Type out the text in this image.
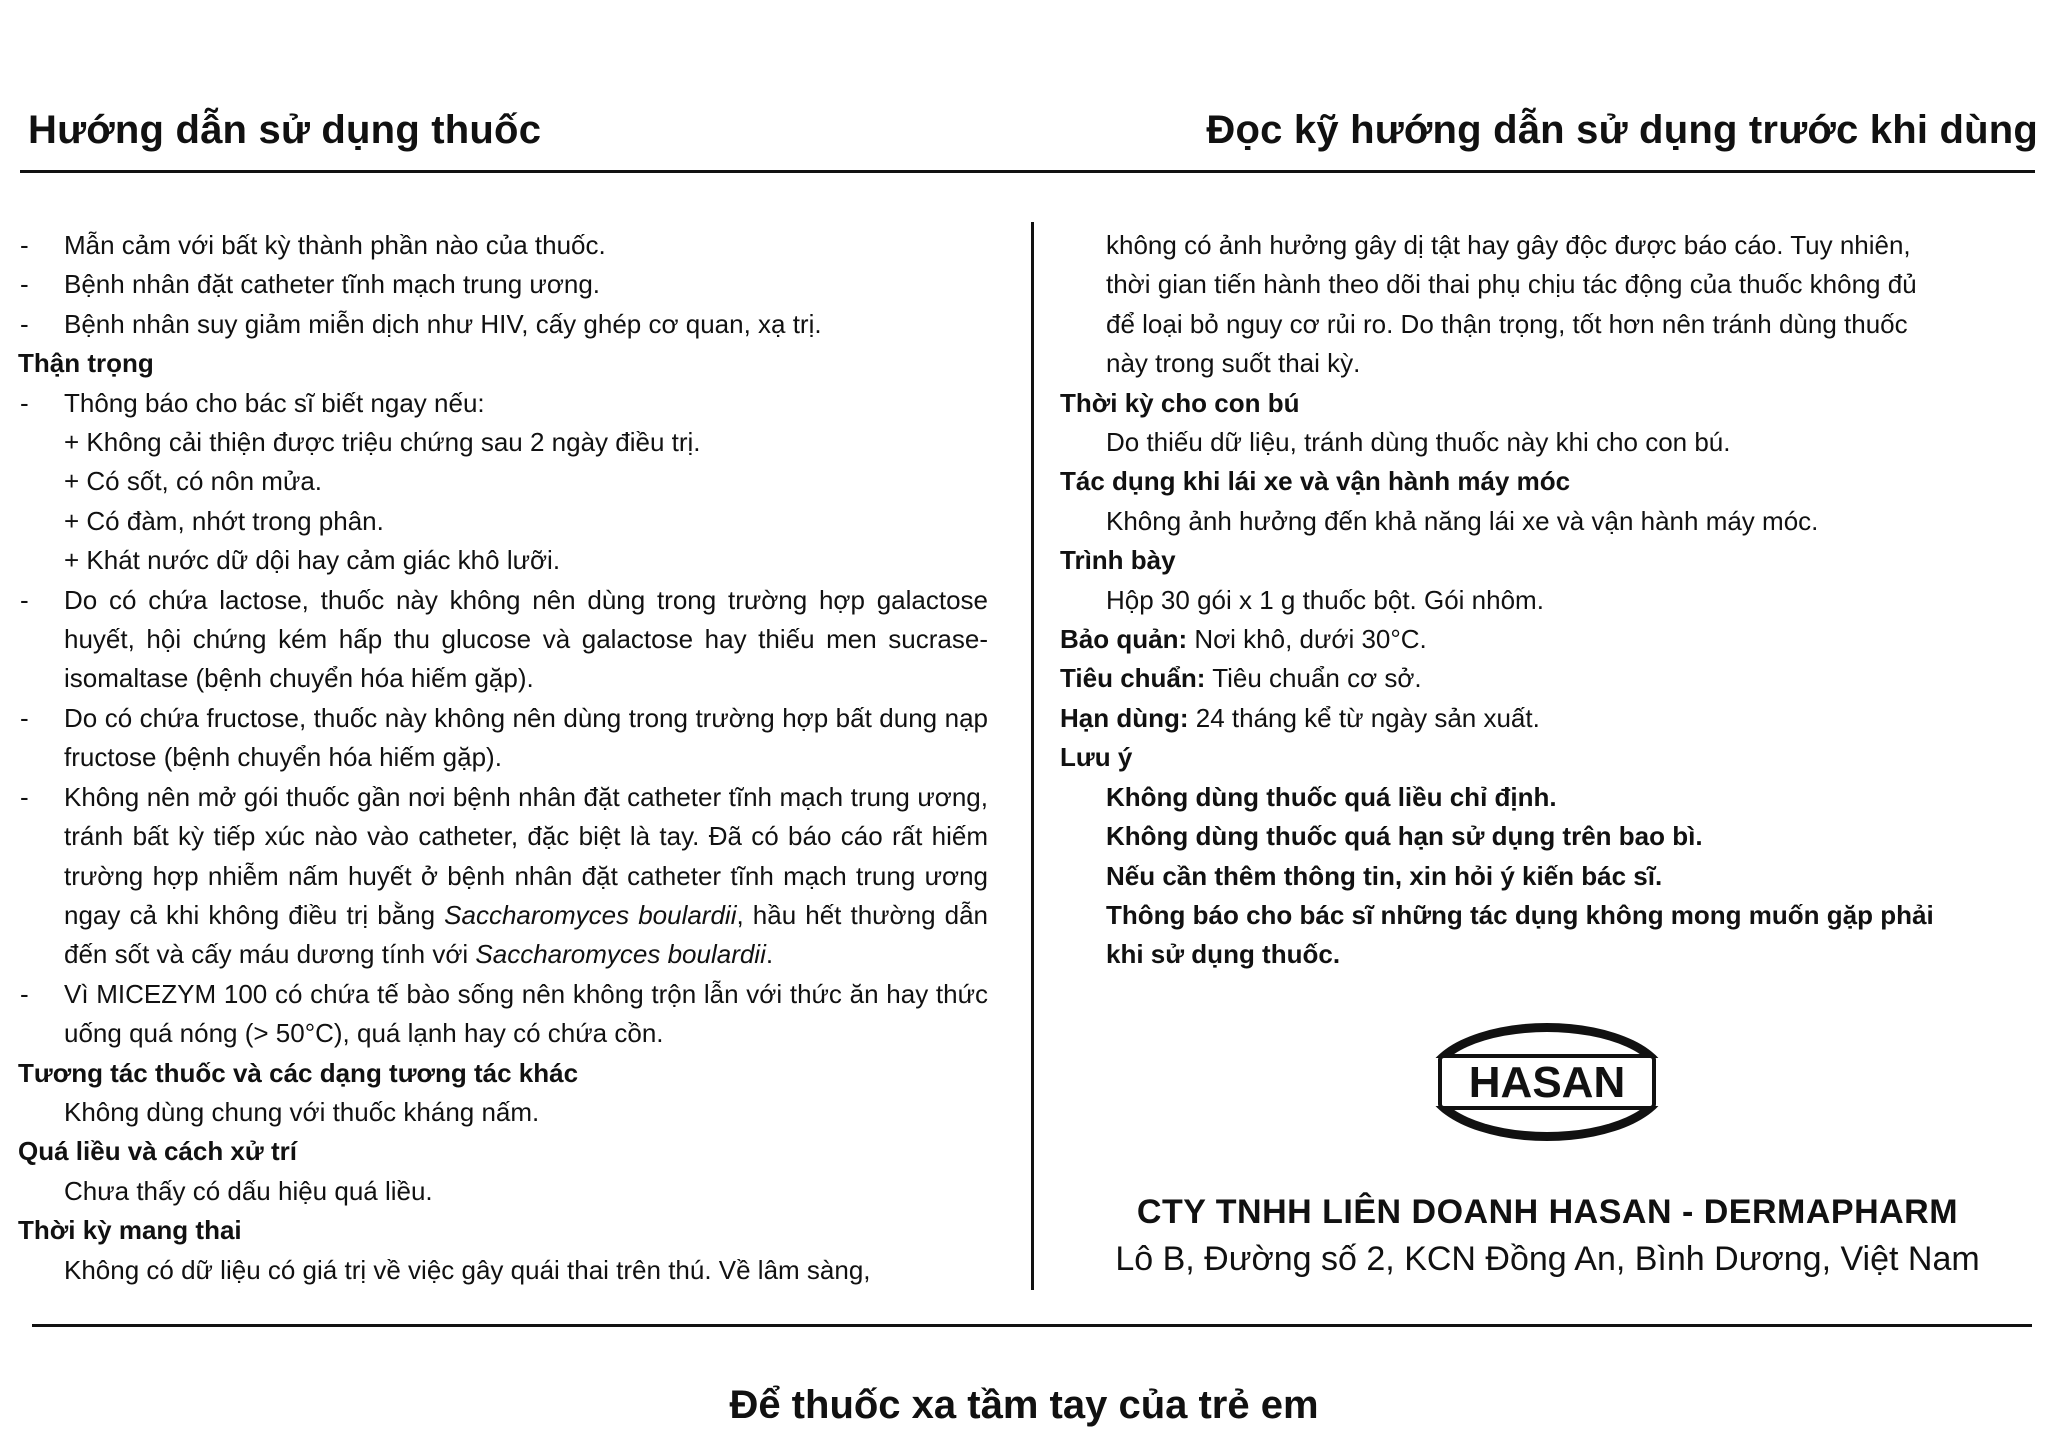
Hướng dẫn sử dụng thuốc	Đọc kỹ hướng dẫn sử dụng trước khi dùng
- Mẫn cảm với bất kỳ thành phần nào của thuốc.
- Bệnh nhân đặt catheter tĩnh mạch trung ương.
- Bệnh nhân suy giảm miễn dịch như HIV, cấy ghép cơ quan, xạ trị.
Thận trọng
- Thông báo cho bác sĩ biết ngay nếu:
+ Không cải thiện được triệu chứng sau 2 ngày điều trị.
+ Có sốt, có nôn mửa.
+ Có đàm, nhớt trong phân.
+ Khát nước dữ dội hay cảm giác khô lưỡi.
- Do có chứa lactose, thuốc này không nên dùng trong trường hợp galactose huyết, hội chứng kém hấp thu glucose và galactose hay thiếu men sucrase-isomaltase (bệnh chuyển hóa hiếm gặp).
- Do có chứa fructose, thuốc này không nên dùng trong trường hợp bất dung nạp fructose (bệnh chuyển hóa hiếm gặp).
- Không nên mở gói thuốc gần nơi bệnh nhân đặt catheter tĩnh mạch trung ương, tránh bất kỳ tiếp xúc nào vào catheter, đặc biệt là tay. Đã có báo cáo rất hiếm trường hợp nhiễm nấm huyết ở bệnh nhân đặt catheter tĩnh mạch trung ương ngay cả khi không điều trị bằng Saccharomyces boulardii, hầu hết thường dẫn đến sốt và cấy máu dương tính với Saccharomyces boulardii.
- Vì MICEZYM 100 có chứa tế bào sống nên không trộn lẫn với thức ăn hay thức uống quá nóng (> 50°C), quá lạnh hay có chứa cồn.
Tương tác thuốc và các dạng tương tác khác
Không dùng chung với thuốc kháng nấm.
Quá liều và cách xử trí
Chưa thấy có dấu hiệu quá liều.
Thời kỳ mang thai
Không có dữ liệu có giá trị về việc gây quái thai trên thú. Về lâm sàng,
không có ảnh hưởng gây dị tật hay gây độc được báo cáo. Tuy nhiên,
thời gian tiến hành theo dõi thai phụ chịu tác động của thuốc không đủ
để loại bỏ nguy cơ rủi ro. Do thận trọng, tốt hơn nên tránh dùng thuốc
này trong suốt thai kỳ.
Thời kỳ cho con bú
Do thiếu dữ liệu, tránh dùng thuốc này khi cho con bú.
Tác dụng khi lái xe và vận hành máy móc
Không ảnh hưởng đến khả năng lái xe và vận hành máy móc.
Trình bày
Hộp 30 gói x 1 g thuốc bột. Gói nhôm.
Bảo quản: Nơi khô, dưới 30°C.
Tiêu chuẩn: Tiêu chuẩn cơ sở.
Hạn dùng: 24 tháng kể từ ngày sản xuất.
Lưu ý
Không dùng thuốc quá liều chỉ định.
Không dùng thuốc quá hạn sử dụng trên bao bì.
Nếu cần thêm thông tin, xin hỏi ý kiến bác sĩ.
Thông báo cho bác sĩ những tác dụng không mong muốn gặp phải
khi sử dụng thuốc.
HASAN
CTY TNHH LIÊN DOANH HASAN - DERMAPHARM
Lô B, Đường số 2, KCN Đồng An, Bình Dương, Việt Nam
Để thuốc xa tầm tay của trẻ em
